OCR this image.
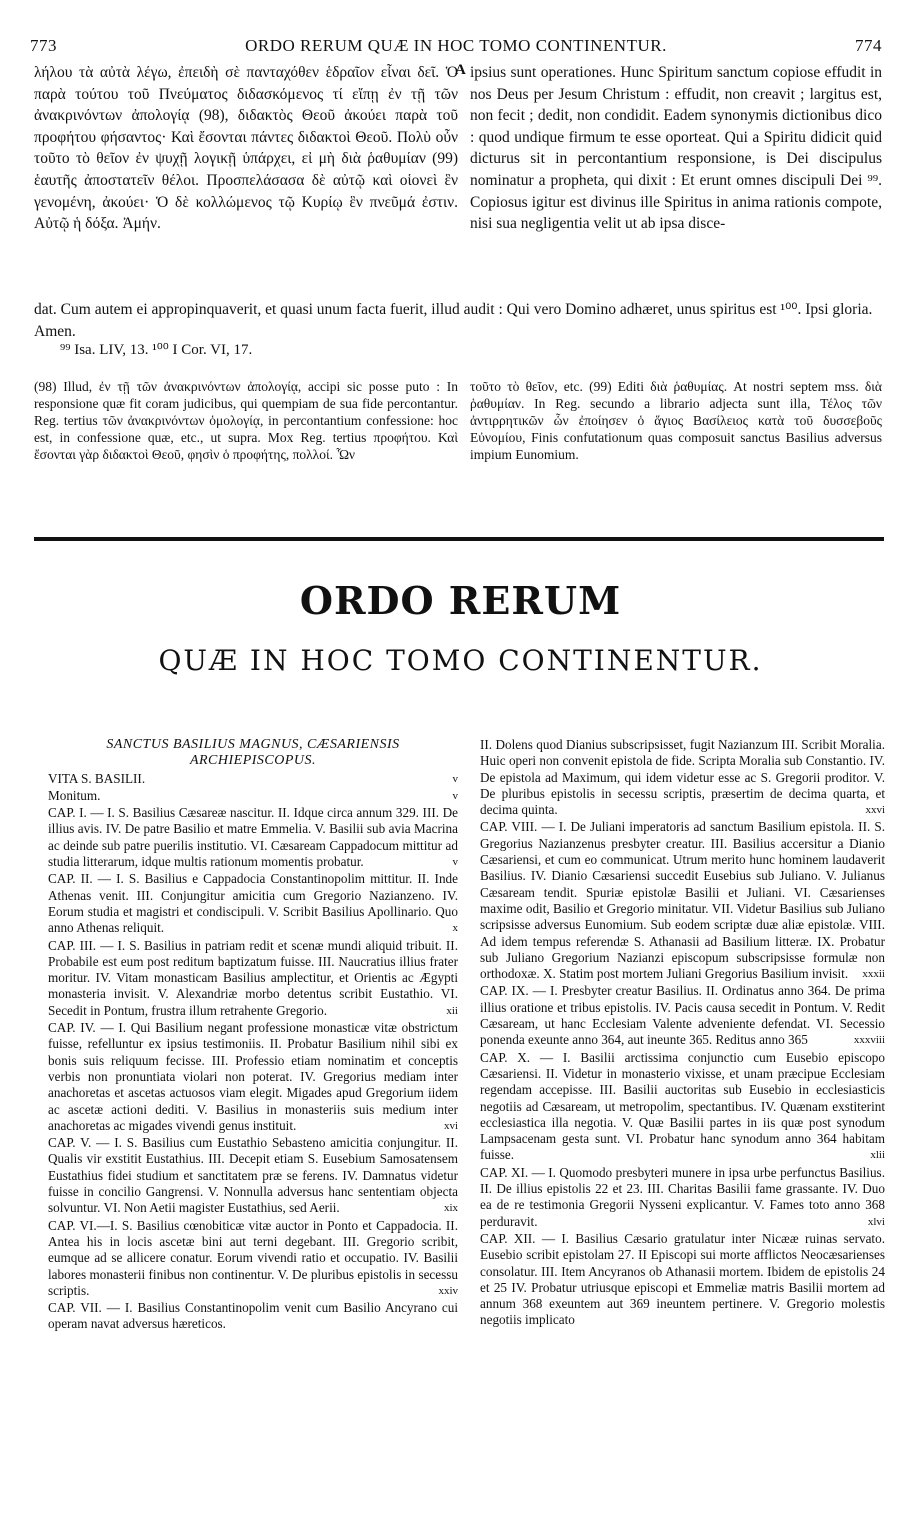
773	ORDO RERUM QUÆ IN HOC TOMO CONTINENTUR.	774

λήλου τὰ αὐτὰ λέγω, ἐπειδὴ σὲ πανταχόθεν ἑδραῖον εἶναι δεῖ. Ὁ παρὰ τούτου τοῦ Πνεύματος διδασκόμενος τί εἴπῃ ἐν τῇ τῶν ἀνακρινόντων ἀπολογίᾳ (98), διδακτὸς Θεοῦ ἀκούει παρὰ τοῦ προφήτου φήσαντος· Καὶ ἔσονται πάντες διδακτοὶ Θεοῦ. Πολὺ οὖν τοῦτο τὸ θεῖον ἐν ψυχῇ λογικῇ ὑπάρχει, εἰ μὴ διὰ ῥαθυμίαν (99) ἑαυτῆς ἀποστατεῖν θέλοι. Προσπελάσασα δὲ αὐτῷ καὶ οἱονεὶ ἓν γενομένη, ἀκούει· Ὁ δὲ κολλώμενος τῷ Κυρίῳ ἓν πνεῦμά ἐστιν. Αὐτῷ ἡ δόξα. Ἀμήν.

A ipsius sunt operationes. Hunc Spiritum sanctum copiose effudit in nos Deus per Jesum Christum : effudit, non creavit ; largitus est, non fecit ; dedit, non condidit. Eadem synonymis dictionibus dico : quod undique firmum te esse oporteat. Qui a Spiritu didicit quid dicturus sit in percontantium responsione, is Dei discipulus nominatur a propheta, qui dixit : Et erunt omnes discipuli Dei ⁹⁹. Copiosus igitur est divinus ille Spiritus in anima rationis compote, nisi sua negligentia velit ut ab ipsa disce-

dat. Cum autem ei appropinquaverit, et quasi unum facta fuerit, illud audit : Qui vero Domino adhæret, unus spiritus est ¹⁰⁰. Ipsi gloria. Amen.
⁹⁹ Isa. LIV, 13. ¹⁰⁰ I Cor. VI, 17.

(98) Illud, ἐν τῇ τῶν ἀνακρινόντων ἀπολογίᾳ, accipi sic posse puto : In responsione quæ fit coram judicibus, qui quempiam de sua fide percontantur. Reg. tertius τῶν ἀνακρινόντων ὁμολογίᾳ, in percontantium confessione: hoc est, in confessione quæ, etc., ut supra. Mox Reg. tertius προφήτου. Καὶ ἔσονται γὰρ διδακτοὶ Θεοῦ, φησὶν ὁ προφήτης, πολλοί. Ὧν

τοῦτο τὸ θεῖον, etc. (99) Editi διὰ ῥαθυμίας. At nostri septem mss. διὰ ῥαθυμίαν. In Reg. secundo a librario adjecta sunt illa, Τέλος τῶν ἀντιρρητικῶν ὧν ἐποίησεν ὁ ἅγιος Βασίλειος κατὰ τοῦ δυσσεβοῦς Εὐνομίου, Finis confutationum quas composuit sanctus Basilius adversus impium Eunomium.

ORDO RERUM
QUÆ IN HOC TOMO CONTINENTUR.

SANCTUS BASILIUS MAGNUS, CÆSARIENSIS ARCHIEPISCOPUS.

VITA S. BASILII.	v

Monitum.	v

CAP. I. — I. S. Basilius Cæsareæ nascitur. II. Idque circa annum 329. III. De illius avis. IV. De patre Basilio et matre Emmelia. V. Basilii sub avia Macrina ac deinde sub patre puerilis institutio. VI. Cæsaream Cappadocum mittitur ad studia litterarum, idque multis rationum momentis probatur.	v

CAP. II. — I. S. Basilius e Cappadocia Constantinopolim mittitur. II. Inde Athenas venit. III. Conjungitur amicitia cum Gregorio Nazianzeno. IV. Eorum studia et magistri et condiscipuli. V. Scribit Basilius Apollinario. Quo anno Athenas reliquit.	x

CAP. III. — I. S. Basilius in patriam redit et scenæ mundi aliquid tribuit. II. Probabile est eum post reditum baptizatum fuisse. III. Naucratius illius frater moritur. IV. Vitam monasticam Basilius amplectitur, et Orientis ac Ægypti monasteria invisit. V. Alexandriæ morbo detentus scribit Eustathio. VI. Secedit in Pontum, frustra illum retrahente Gregorio.	xii

CAP. IV. — I. Qui Basilium negant professione monasticæ vitæ obstrictum fuisse, refelluntur ex ipsius testimoniis. II. Probatur Basilium nihil sibi ex bonis suis reliquum fecisse. III. Professio etiam nominatim et conceptis verbis non pronuntiata violari non poterat. IV. Gregorius mediam inter anachoretas et ascetas actuosos viam elegit. Migades apud Gregorium iidem ac ascetæ actioni dediti. V. Basilius in monasteriis suis medium inter anachoretas ac migades vivendi genus instituit.	xvi

CAP. V. — I. S. Basilius cum Eustathio Sebasteno amicitia conjungitur. II. Qualis vir exstitit Eustathius. III. Decepit etiam S. Eusebium Samosatensem Eustathius fidei studium et sanctitatem præ se ferens. IV. Damnatus videtur fuisse in concilio Gangrensi. V. Nonnulla adversus hanc sententiam objecta solvuntur. VI. Non Aetii magister Eustathius, sed Aerii.	xix

CAP. VI.—I. S. Basilius cœnobiticæ vitæ auctor in Ponto et Cappadocia. II. Antea his in locis ascetæ bini aut terni degebant. III. Gregorio scribit, eumque ad se allicere conatur. Eorum vivendi ratio et occupatio. IV. Basilii labores monasterii finibus non continentur. V. De pluribus epistolis in secessu scriptis.	xxiv

CAP. VII. — I. Basilius Constantinopolim venit cum Basilio Ancyrano cui operam navat adversus hæreticos.

II. Dolens quod Dianius subscripsisset, fugit Nazianzum III. Scribit Moralia. Huic operi non convenit epistola de fide. Scripta Moralia sub Constantio. IV. De epistola ad Maximum, qui idem videtur esse ac S. Gregorii proditor. V. De pluribus epistolis in secessu scriptis, præsertim de decima quarta, et decima quinta.	xxvi

CAP. VIII. — I. De Juliani imperatoris ad sanctum Basilium epistola. II. S. Gregorius Nazianzenus presbyter creatur. III. Basilius accersitur a Dianio Cæsariensi, et cum eo communicat. Utrum merito hunc hominem laudaverit Basilius. IV. Dianio Cæsariensi succedit Eusebius sub Juliano. V. Julianus Cæsaream tendit. Spuriæ epistolæ Basilii et Juliani. VI. Cæsarienses maxime odit, Basilio et Gregorio minitatur. VII. Videtur Basilius sub Juliano scripsisse adversus Eunomium. Sub eodem scriptæ duæ aliæ epistolæ. VIII. Ad idem tempus referendæ S. Athanasii ad Basilium litteræ. IX. Probatur sub Juliano Gregorium Nazianzi episcopum subscripsisse formulæ non orthodoxæ. X. Statim post mortem Juliani Gregorius Basilium invisit. xxxii

CAP. IX. — I. Presbyter creatur Basilius. II. Ordinatus anno 364. De prima illius oratione et tribus epistolis. IV. Pacis causa secedit in Pontum. V. Redit Cæsaream, ut hanc Ecclesiam Valente adveniente defendat. VI. Secessio ponenda exeunte anno 364, aut ineunte 365. Reditus anno 365	xxxviii

CAP. X. — I. Basilii arctissima conjunctio cum Eusebio episcopo Cæsariensi. II. Videtur in monasterio vixisse, et unam præcipue Ecclesiam regendam accepisse. III. Basilii auctoritas sub Eusebio in ecclesiasticis negotiis ad Cæsaream, ut metropolim, spectantibus. IV. Quænam exstiterint ecclesiastica illa negotia. V. Quæ Basilii partes in iis quæ post synodum Lampsacenam gesta sunt. VI. Probatur hanc synodum anno 364 habitam fuisse.	xlii

CAP. XI. — I. Quomodo presbyteri munere in ipsa urbe perfunctus Basilius. II. De illius epistolis 22 et 23. III. Charitas Basilii fame grassante. IV. Duo ea de re testimonia Gregorii Nysseni explicantur. V. Fames toto anno 368 perduravit.	xlvi

CAP. XII. — I. Basilius Cæsario gratulatur inter Nicææ ruinas servato. Eusebio scribit epistolam 27. II Episcopi sui morte afflictos Neocæsarienses consolatur. III. Item Ancyranos ob Athanasii mortem. Ibidem de epistolis 24 et 25 IV. Probatur utriusque episcopi et Emmeliæ matris Basilii mortem ad annum 368 exeuntem aut 369 ineuntem pertinere. V. Gregorio molestis negotiis implicato
